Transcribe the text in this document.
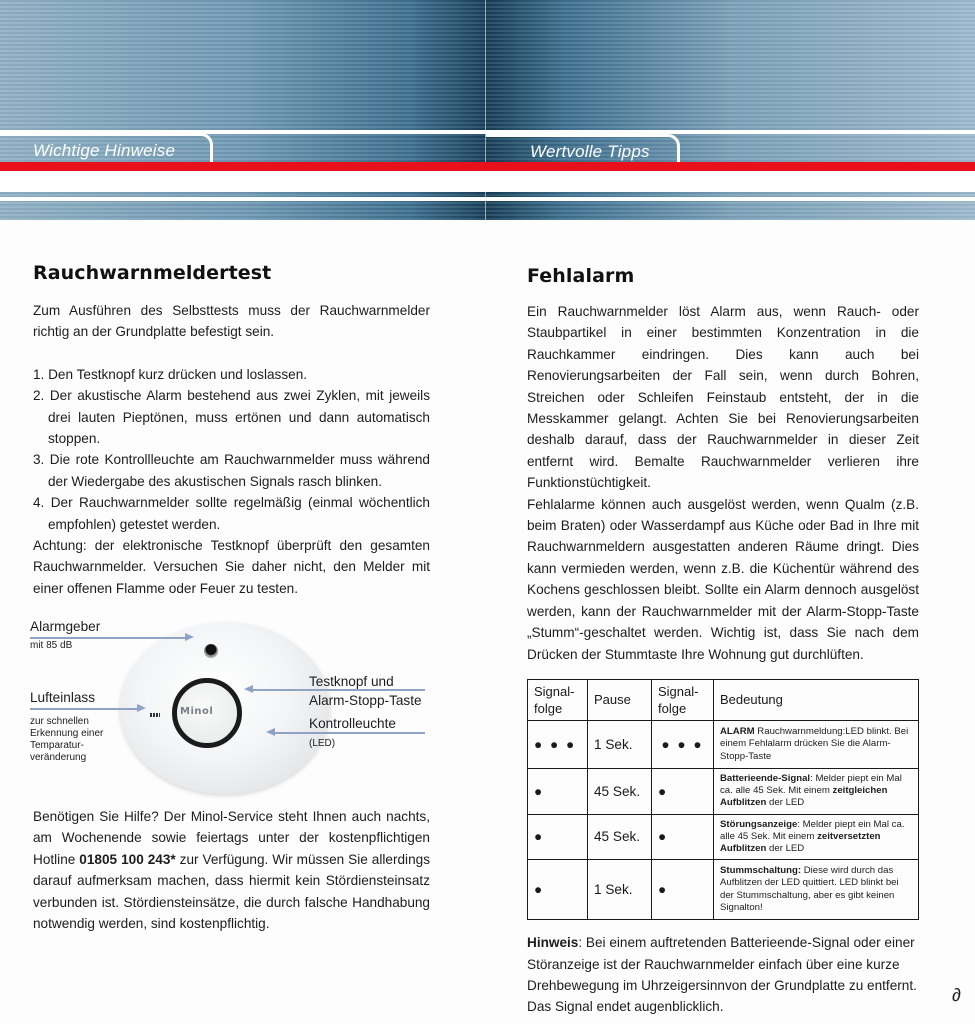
Wichtige Hinweise	Wertvolle Tipps
Rauchwarnmeldertest

Zum Ausführen des Selbsttests muss der Rauchwarnmelder richtig an der Grundplatte befestigt sein.

1. Den Testknopf kurz drücken und loslassen.
2. Der akustische Alarm bestehend aus zwei Zyklen, mit jeweils drei lauten Pieptönen, muss ertönen und dann automatisch stoppen.
3. Die rote Kontrollleuchte am Rauchwarnmelder muss während der Wiedergabe des akustischen Signals rasch blinken.
4. Der Rauchwarnmelder sollte regelmäßig (einmal wöchentlich empfohlen) getestet werden.

Achtung: der elektronische Testknopf überprüft den gesamten Rauchwarnmelder. Versuchen Sie daher nicht, den Melder mit einer offenen Flamme oder Feuer zu testen.

Minol
Alarmgeber
mit 85 dB
Lufteinlass
zur schnellen
Erkennung einer
Temparatur-
veränderung
Testknopf und
Alarm-Stopp-Taste
Kontrolleuchte
(LED)

Benötigen Sie Hilfe? Der Minol-Service steht Ihnen auch nachts, am Wochenende sowie feiertags unter der kostenpflichtigen Hotline 01805 100 243* zur Verfügung. Wir müssen Sie allerdings darauf aufmerksam machen, dass hiermit kein Stördiensteinsatz verbunden ist. Stördiensteinsätze, die durch falsche Handhabung notwendig werden, sind kostenpflichtig.

Fehlalarm

Ein Rauchwarnmelder löst Alarm aus, wenn Rauch- oder Staubpartikel in einer bestimmten Konzentration in die Rauchkammer eindringen. Dies kann auch bei Renovierungsarbeiten der Fall sein, wenn durch Bohren, Streichen oder Schleifen Feinstaub entsteht, der in die Messkammer gelangt. Achten Sie bei Renovierungsarbeiten deshalb darauf, dass der Rauchwarnmelder in dieser Zeit entfernt wird. Bemalte Rauchwarnmelder verlieren ihre Funktionstüchtigkeit.

Fehlalarme können auch ausgelöst werden, wenn Qualm (z.B. beim Braten) oder Wasserdampf aus Küche oder Bad in Ihre mit Rauchwarnmeldern ausgestatten anderen Räume dringt. Dies kann vermieden werden, wenn z.B. die Küchentür während des Kochens geschlossen bleibt. Sollte ein Alarm dennoch ausgelöst werden, kann der Rauchwarnmelder mit der Alarm-Stopp-Taste „Stumm“-geschaltet werden. Wichtig ist, dass Sie nach dem Drücken der Stummtaste Ihre Wohnung gut durchlüften.

Signal-folge	Pause	Signal-folge	Bedeutung
● ● ●	1 Sek.	● ● ●	ALARM Rauchwarnmeldung:LED blinkt. Bei einem Fehlalarm drücken Sie die Alarm-Stopp-Taste
●	45 Sek.	●	Batterieende-Signal: Melder piept ein Mal ca. alle 45 Sek. Mit einem zeitgleichen Aufblitzen der LED
●	45 Sek.	●	Störungsanzeige: Melder piept ein Mal ca. alle 45 Sek. Mit einem zeitversetzten Aufblitzen der LED
●	1 Sek.	●	Stummschaltung: Diese wird durch das Aufblitzen der LED quittiert. LED blinkt bei der Stummschaltung, aber es gibt keinen Signalton!

Hinweis: Bei einem auftretenden Batterieende-Signal oder einer Störanzeige ist der Rauchwarnmelder einfach über eine kurze Drehbewegung im Uhrzeigersinnvon der Grundplatte zu entfernt. Das Signal endet augenblicklich.

∂
